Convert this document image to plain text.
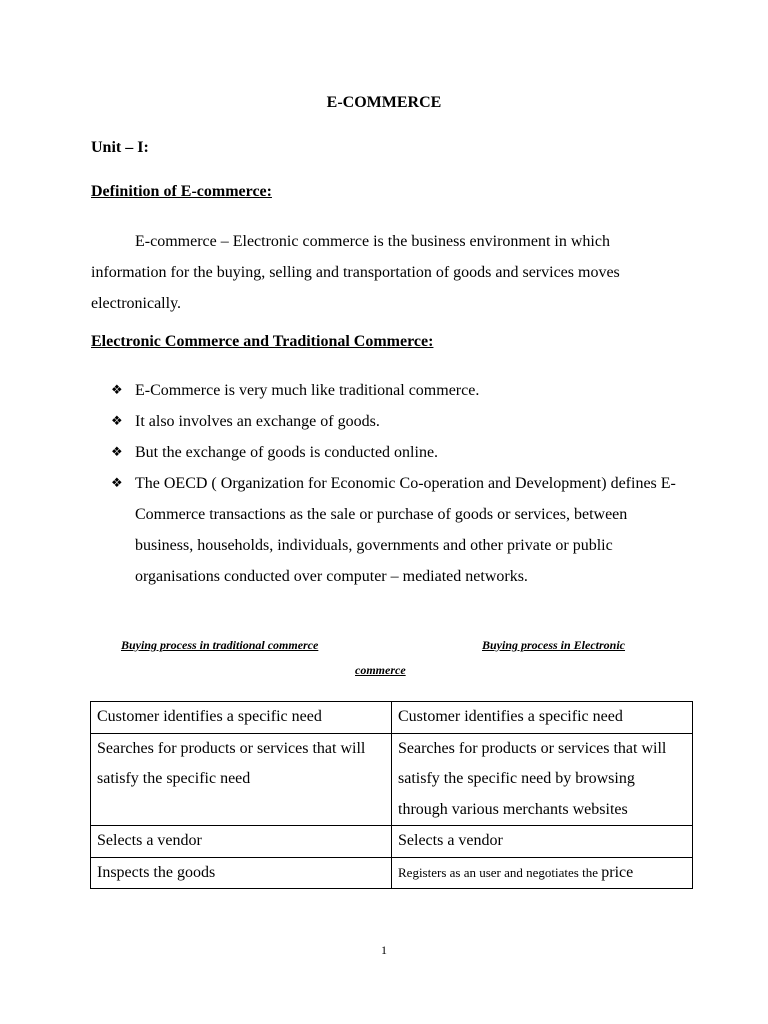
E-COMMERCE
Unit – I:
Definition of E-commerce:
E-commerce – Electronic commerce is the business environment in which information for the buying, selling and transportation of goods and services moves electronically.
Electronic Commerce and Traditional Commerce:
❖ E-Commerce is very much like traditional commerce.
❖ It also involves an exchange of goods.
❖ But the exchange of goods is conducted online.
❖ The OECD ( Organization for Economic Co-operation and Development) defines E-Commerce transactions as the sale or purchase of goods or services, between business, households, individuals, governments and other private or public organisations conducted over computer – mediated networks.
Buying process in traditional commerce	Buying process in Electronic
commerce
Customer identifies a specific need	Customer identifies a specific need
Searches for products or services that will satisfy the specific need	Searches for products or services that will satisfy the specific need by browsing through various merchants websites
Selects a vendor	Selects a vendor
Inspects the goods	Registers as an user and negotiates the price
1
